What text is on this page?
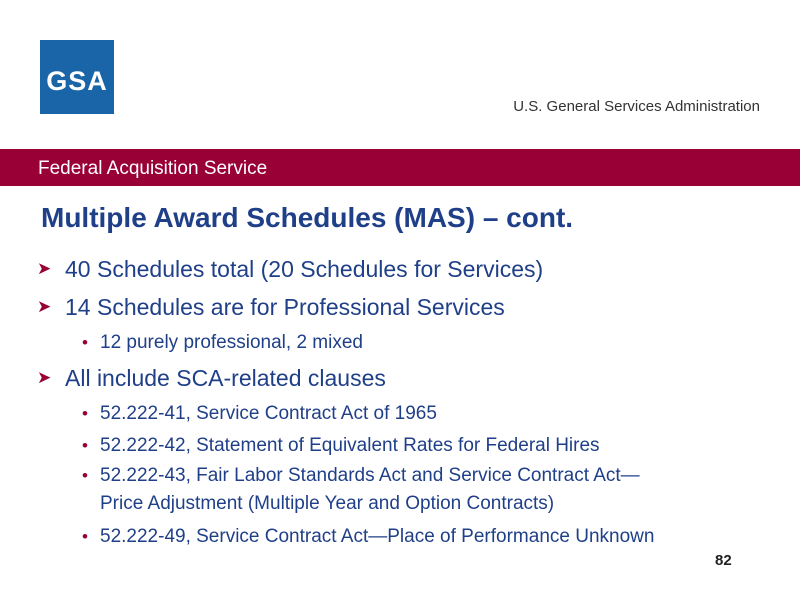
GSA
U.S. General Services Administration
Federal Acquisition Service
Multiple Award Schedules (MAS) – cont.
➤ 40 Schedules total (20 Schedules for Services)
➤ 14 Schedules are for Professional Services
• 12 purely professional, 2 mixed
➤ All include SCA-related clauses
• 52.222-41, Service Contract Act of 1965
• 52.222-42, Statement of Equivalent Rates for Federal Hires
• 52.222-43, Fair Labor Standards Act and Service Contract Act—
Price Adjustment (Multiple Year and Option Contracts)
• 52.222-49, Service Contract Act—Place of Performance Unknown
82
